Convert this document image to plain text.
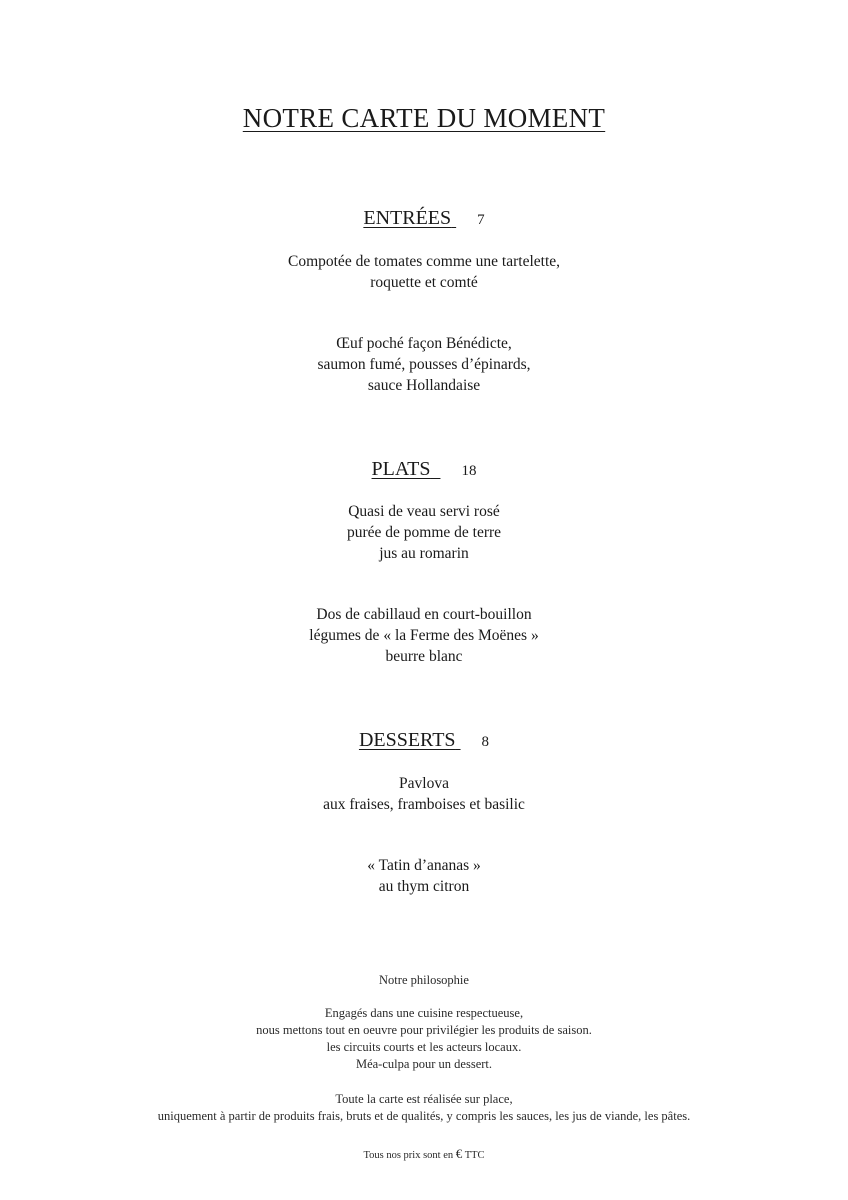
NOTRE CARTE DU MOMENT
ENTRÉES 7
Compotée de tomates comme une tartelette,
roquette et comté
Œuf poché façon Bénédicte,
saumon fumé, pousses d’épinards,
sauce Hollandaise
PLATS 18
Quasi de veau servi rosé
purée de pomme de terre
jus au romarin
Dos de cabillaud en court-bouillon
légumes de « la Ferme des Moënes »
beurre blanc
DESSERTS 8
Pavlova
aux fraises, framboises et basilic
« Tatin d’ananas »
au thym citron
Notre philosophie
Engagés dans une cuisine respectueuse,
nous mettons tout en oeuvre pour privilégier les produits de saison.
les circuits courts et les acteurs locaux.
Méa-culpa pour un dessert.
Toute la carte est réalisée sur place,
uniquement à partir de produits frais, bruts et de qualités, y compris les sauces, les jus de viande, les pâtes.
Tous nos prix sont en € TTC
